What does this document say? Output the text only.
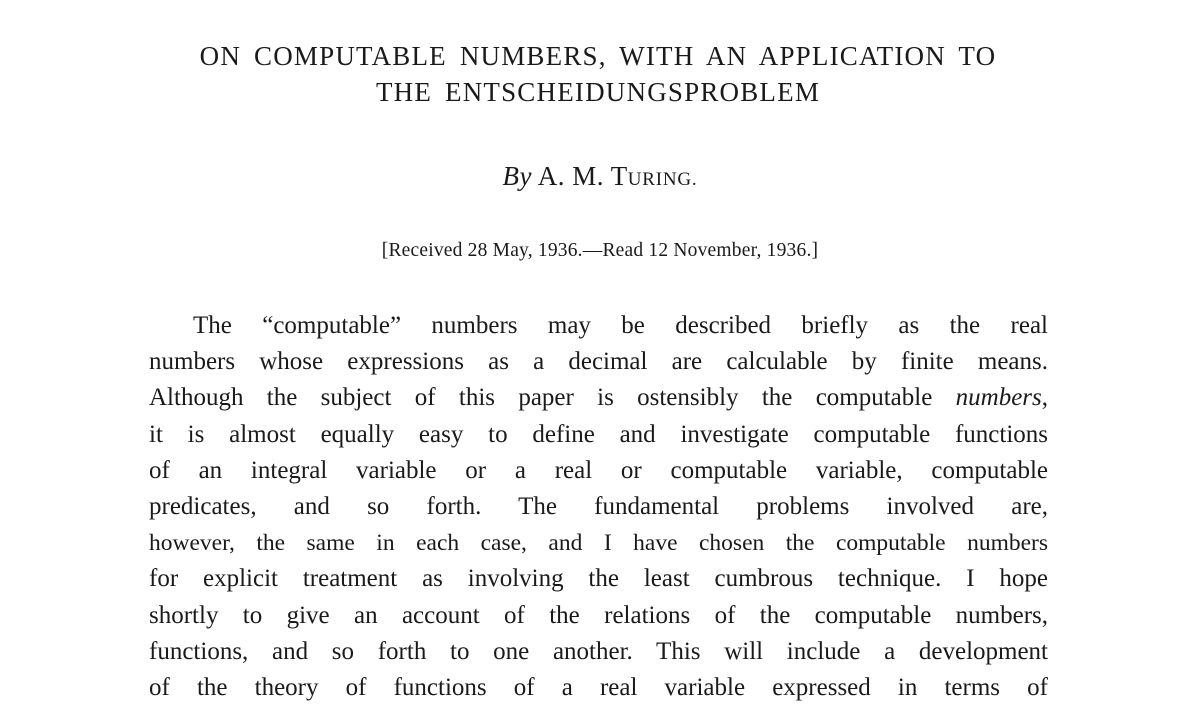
ON COMPUTABLE NUMBERS, WITH AN APPLICATION TO
THE ENTSCHEIDUNGSPROBLEM
By A. M. TURING.
[Received 28 May, 1936.—Read 12 November, 1936.]
The “computable” numbers may be described briefly as the real
numbers whose expressions as a decimal are calculable by finite means.
Although the subject of this paper is ostensibly the computable numbers,
it is almost equally easy to define and investigate computable functions
of an integral variable or a real or computable variable, computable
predicates, and so forth. The fundamental problems involved are,
however, the same in each case, and I have chosen the computable numbers
for explicit treatment as involving the least cumbrous technique. I hope
shortly to give an account of the relations of the computable numbers,
functions, and so forth to one another. This will include a development
of the theory of functions of a real variable expressed in terms of
